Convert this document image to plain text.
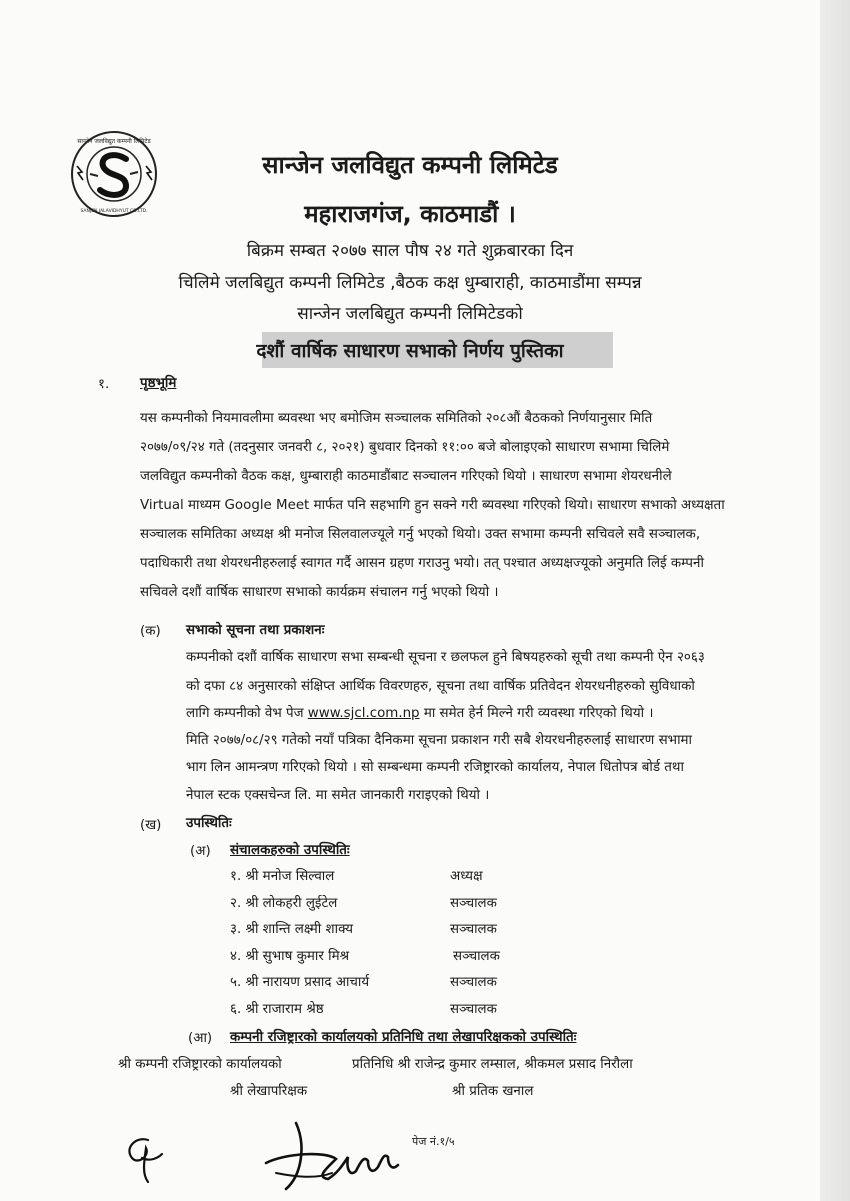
सान्जेन जलविद्युत कम्पनी लिमिटेड
SANJEN JALAVIDHYUT CO.LTD.
सान्जेन जलविद्युत कम्पनी लिमिटेड
महाराजगंज, काठमाडौं ।
बिक्रम सम्बत २०७७ साल पौष २४ गते शुक्रबारका दिन
चिलिमे जलबिद्युत कम्पनी लिमिटेड ,बैठक कक्ष धुम्बाराही, काठमाडौंमा सम्पन्न
सान्जेन जलबिद्युत कम्पनी लिमिटेडको
दशौं वार्षिक साधारण सभाको निर्णय पुस्तिका
१. पृष्ठभूमि
यस कम्पनीको नियमावलीमा ब्यवस्था भए बमोजिम सञ्चालक समितिको २०८औं बैठकको निर्णयानुसार मिति
२०७७/०९/२४ गते (तदनुसार जनवरी ८, २०२१) बुधवार दिनको ११:०० बजे बोलाइएको साधारण सभामा चिलिमे
जलविद्युत कम्पनीको वैठक कक्ष, धुम्बाराही काठमाडौंबाट सञ्चालन गरिएको थियो । साधारण सभामा शेयरधनीले
Virtual माध्यम Google Meet मार्फत पनि सहभागि हुन सक्ने गरी ब्यवस्था गरिएको थियो। साधारण सभाको अध्यक्षता
सञ्चालक समितिका अध्यक्ष श्री मनोज सिलवालज्यूले गर्नु भएको थियो। उक्त सभामा कम्पनी सचिवले सवै सञ्चालक,
पदाधिकारी तथा शेयरधनीहरुलाई स्वागत गर्दै आसन ग्रहण गराउनु भयो। तत् पश्चात अध्यक्षज्यूको अनुमति लिई कम्पनी
सचिवले दशौं वार्षिक साधारण सभाको कार्यक्रम संचालन गर्नु भएको थियो ।
(क) सभाको सूचना तथा प्रकाशनः
कम्पनीको दशौं वार्षिक साधारण सभा सम्बन्धी सूचना र छलफल हुने बिषयहरुको सूची तथा कम्पनी ऐन २०६३
को दफा ८४ अनुसारको संक्षिप्त आर्थिक विवरणहरु, सूचना तथा वार्षिक प्रतिवेदन शेयरधनीहरुको सुविधाको
लागि कम्पनीको वेभ पेज www.sjcl.com.np मा समेत हेर्न मिल्ने गरी व्यवस्था गरिएको थियो ।
मिति २०७७/०८/२९ गतेको नयाँ पत्रिका दैनिकमा सूचना प्रकाशन गरी सबै शेयरधनीहरुलाई साधारण सभामा
भाग लिन आमन्त्रण गरिएको थियो । सो सम्बन्धमा कम्पनी रजिष्ट्रारको कार्यालय, नेपाल धितोपत्र बोर्ड तथा
नेपाल स्टक एक्सचेन्ज लि. मा समेत जानकारी गराइएको थियो ।
(ख) उपस्थितिः
(अ) संचालकहरुको उपस्थितिः
१. श्री मनोज सिल्वाल	अध्यक्ष
२. श्री लोकहरी लुईटेल	सञ्चालक
३. श्री शान्ति लक्ष्मी शाक्य	सञ्चालक
४. श्री सुभाष कुमार मिश्र	सञ्चालक
५. श्री नारायण प्रसाद आचार्य	सञ्चालक
६. श्री राजाराम श्रेष्ठ	सञ्चालक
(आ) कम्पनी रजिष्ट्रारको कार्यालयको प्रतिनिधि तथा लेखापरिक्षकको उपस्थितिः
श्री कम्पनी रजिष्ट्रारको कार्यालयको	प्रतिनिधि श्री राजेन्द्र कुमार लम्साल, श्रीकमल प्रसाद निरौला
श्री लेखापरिक्षक	श्री प्रतिक खनाल
पेज नं.१/५
